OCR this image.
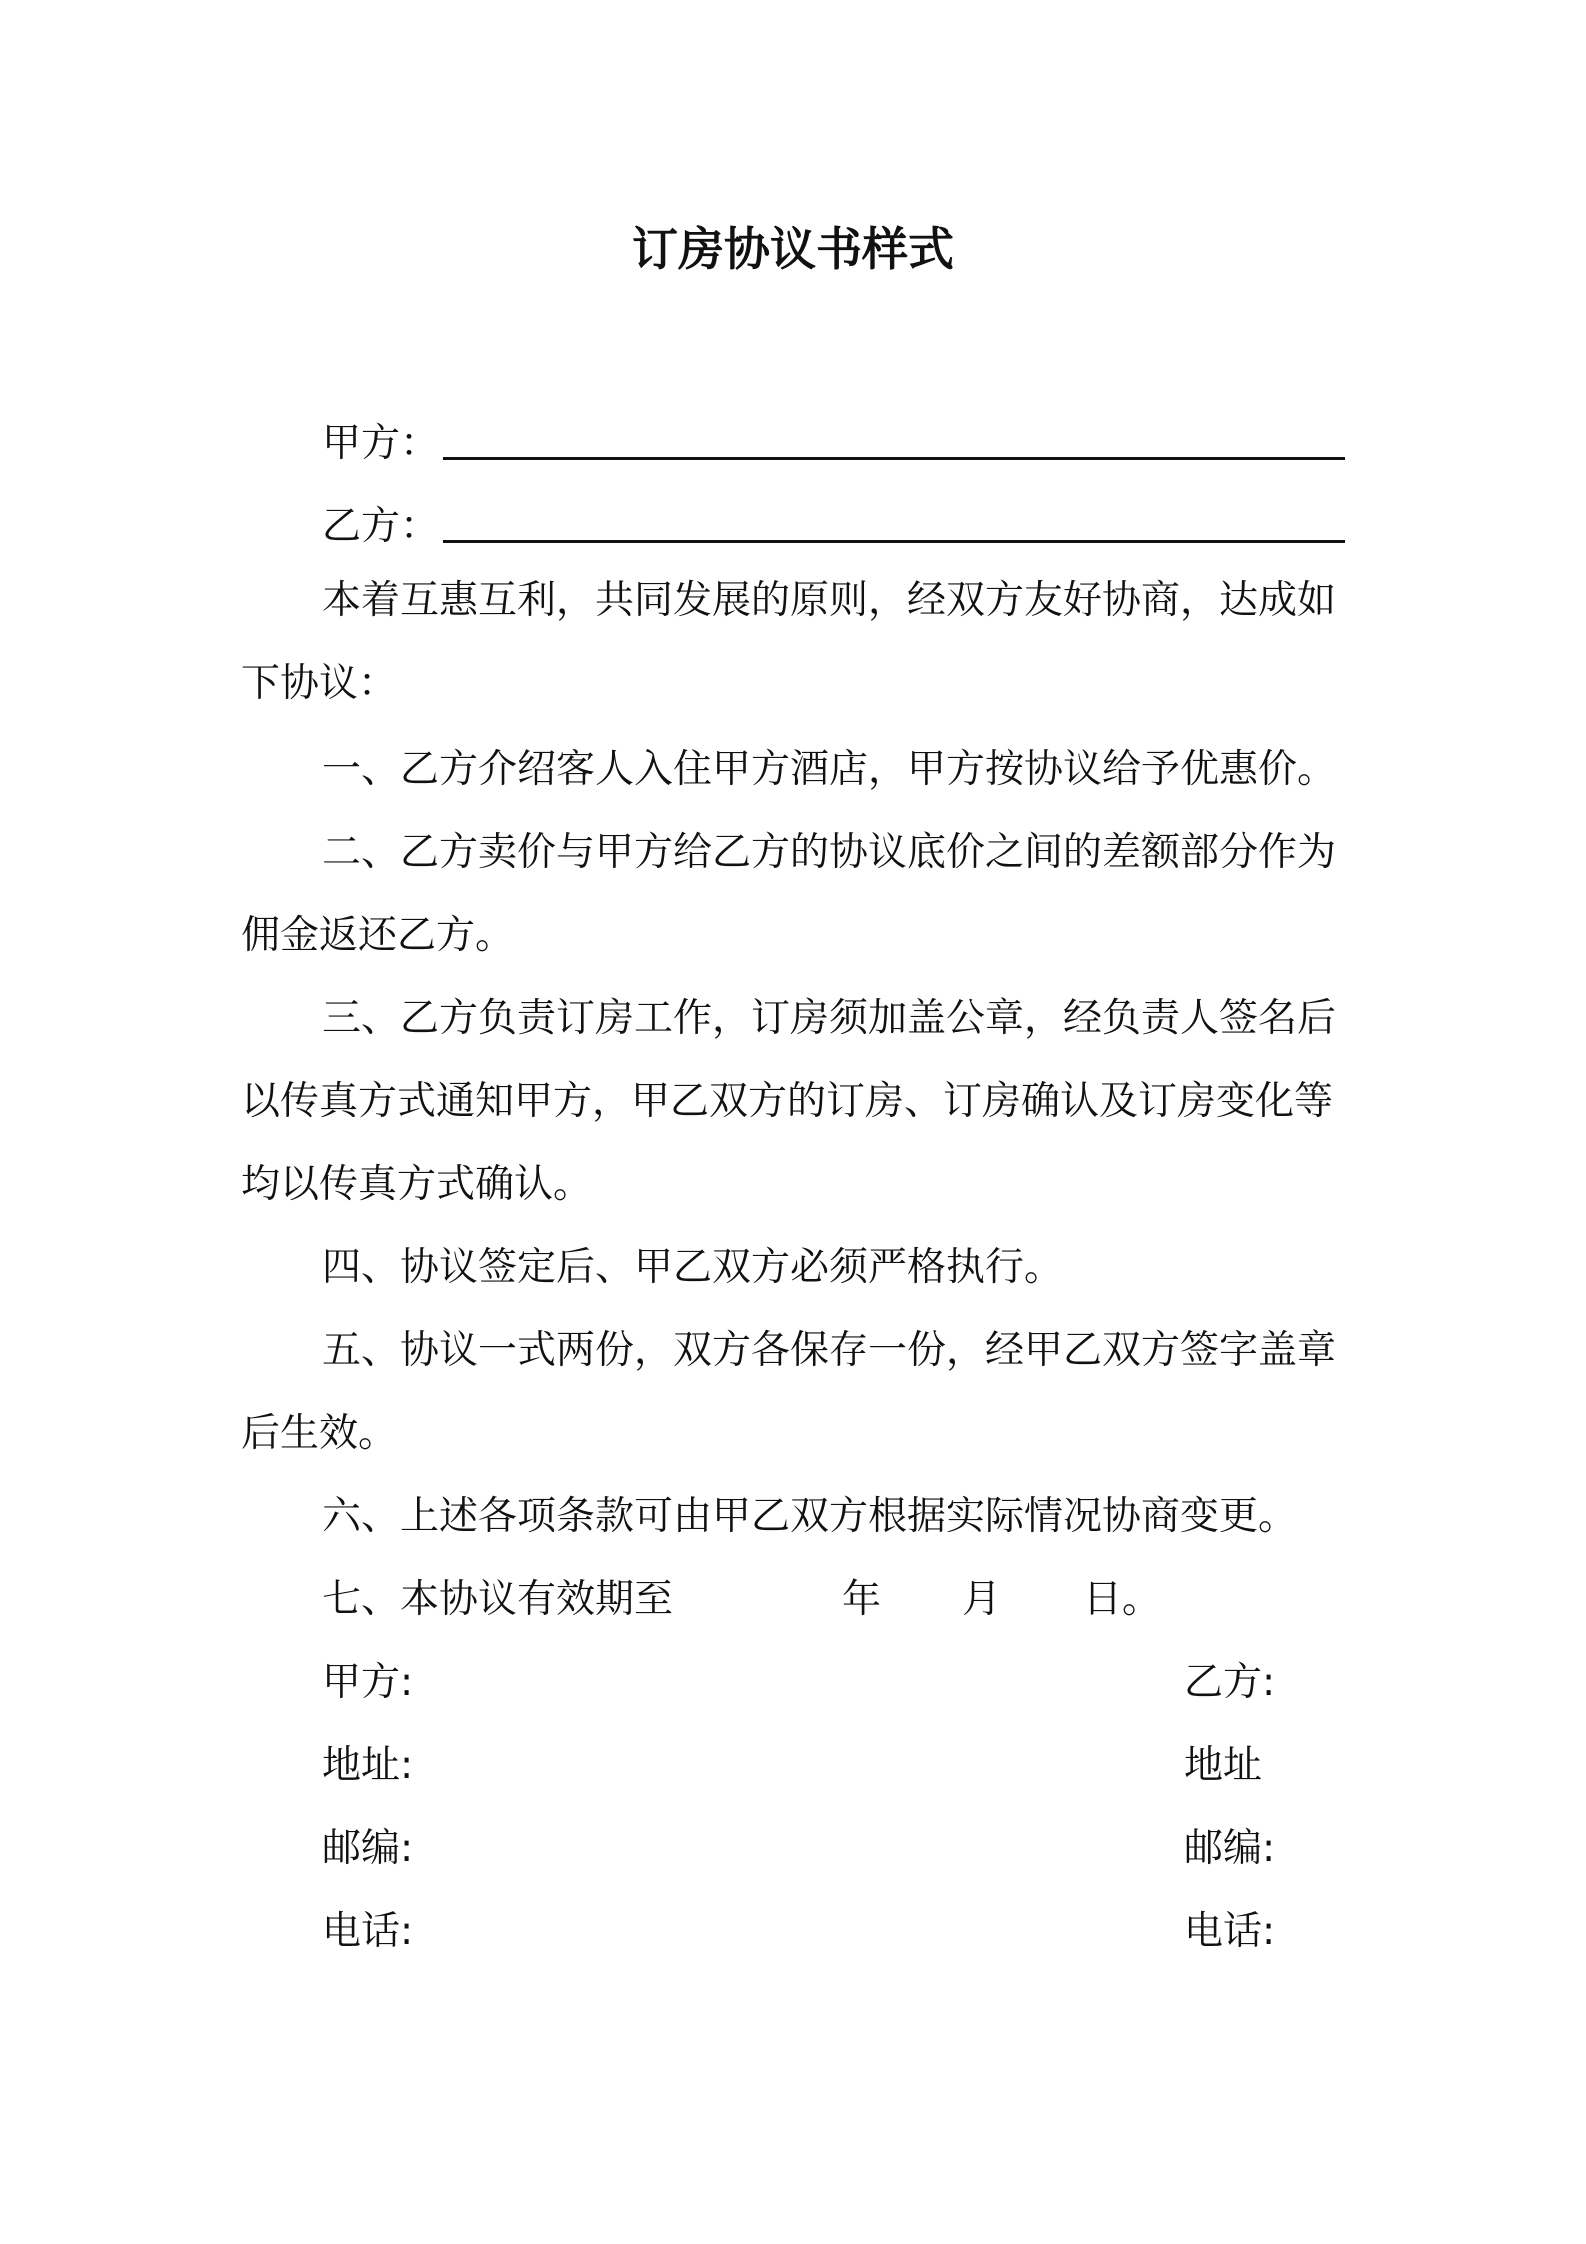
订房协议书样式
甲方：
乙方：
本着互惠互利，共同发展的原则，经双方友好协商，达成如
下协议：
一、乙方介绍客人入住甲方酒店，甲方按协议给予优惠价。
二、乙方卖价与甲方给乙方的协议底价之间的差额部分作为
佣金返还乙方。
三、乙方负责订房工作，订房须加盖公章，经负责人签名后
以传真方式通知甲方，甲乙双方的订房、订房确认及订房变化等
均以传真方式确认。
四、协议签定后、甲乙双方必须严格执行。
五、协议一式两份，双方各保存一份，经甲乙双方签字盖章
后生效。
六、上述各项条款可由甲乙双方根据实际情况协商变更。
七、本协议有效期至	年 月 日。
甲方:	乙方:
地址:	地址
邮编:	邮编:
电话:	电话:
